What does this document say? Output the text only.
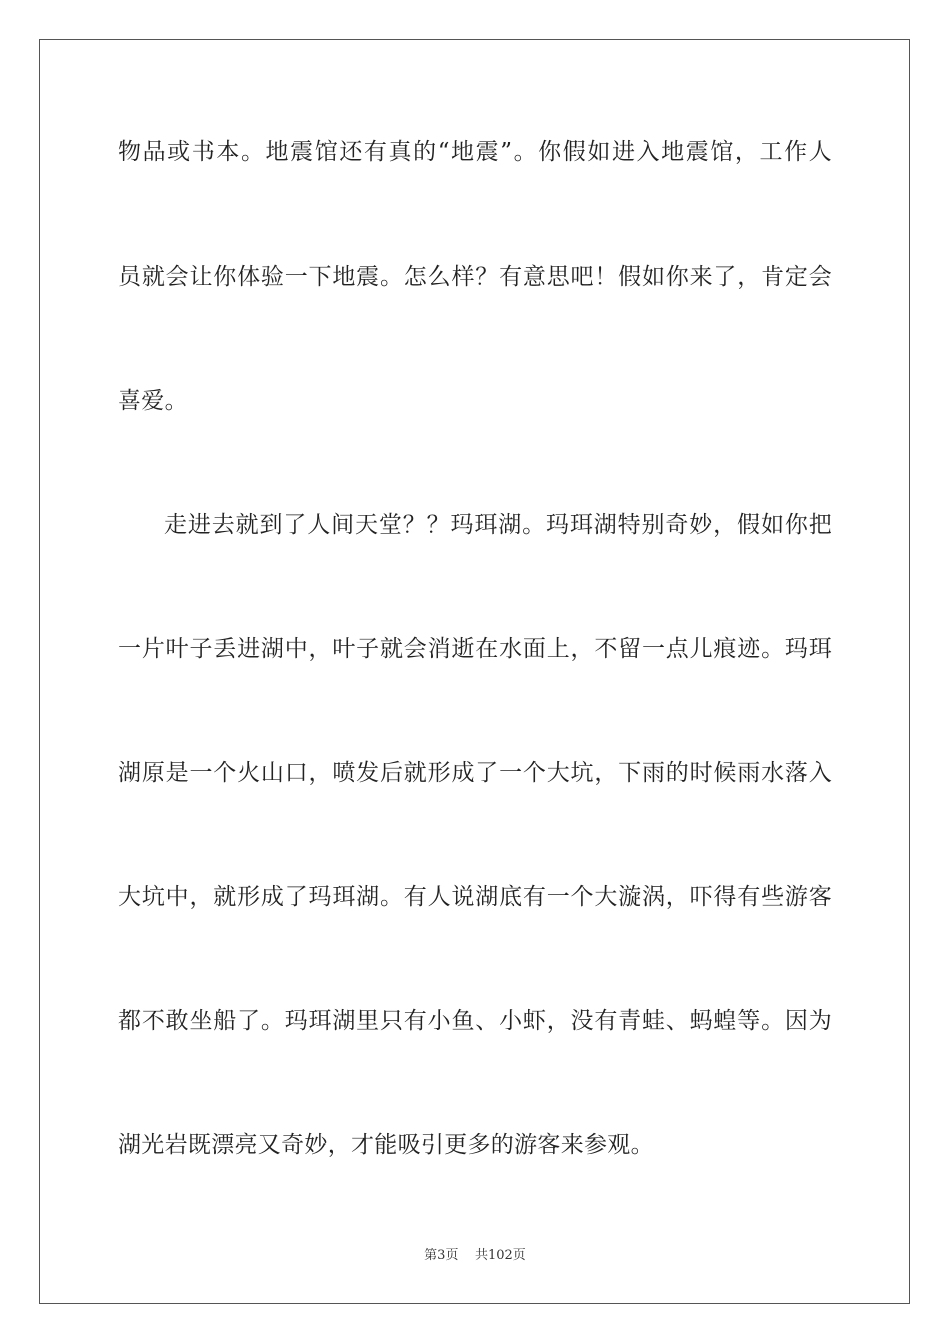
物品或书本。地震馆还有真的“地震”。你假如进入地震馆，工作人
员就会让你体验一下地震。怎么样？有意思吧！假如你来了，肯定会
喜爱。
走进去就到了人间天堂？？玛珥湖。玛珥湖特别奇妙，假如你把
一片叶子丢进湖中，叶子就会消逝在水面上，不留一点儿痕迹。玛珥
湖原是一个火山口，喷发后就形成了一个大坑，下雨的时候雨水落入
大坑中，就形成了玛珥湖。有人说湖底有一个大漩涡，吓得有些游客
都不敢坐船了。玛珥湖里只有小鱼、小虾，没有青蛙、蚂蝗等。因为
湖光岩既漂亮又奇妙，才能吸引更多的游客来参观。
第3页 共102页
